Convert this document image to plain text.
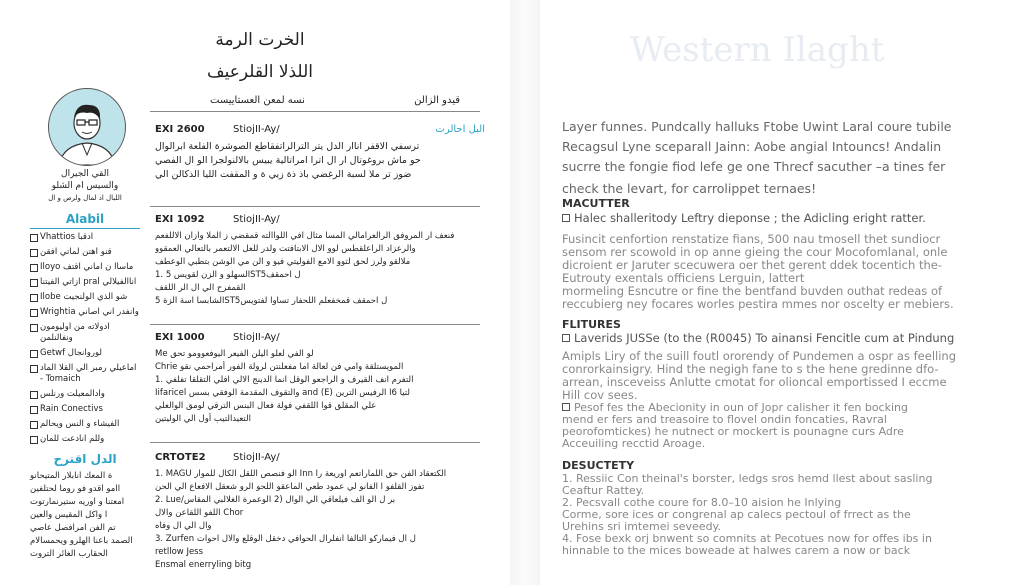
الخرت الرمة
اللذلا القلرعيف
نسه لمعن العستاييست	قيدو الزالن
القي الجيرال
والسيس ام الشلو
اللبال اد لمال ولرص و ال
Alabil
Vhattios ادقبا
قنو اهتن لماتي افقن
Iloyo ماساا ن اماني اقتف
ازاتي الفيتنا pral اناالفيلالي
Ilobe شو الذي الولنجيت
Wrightia وانفدر اني اصاني
ادولاته من اوليومون ونفالنلمن
Getwf لوروانجال
اماعيلي رمبر الي القلا الماد - Tomaich
وادالمعيلت ورنلس
Rain Conectivs
الفيشاء و النس ويحالم
وللم انادعت للمان
الدل اقنرح
ة المعك انابلار المتيحانو
اامو اقدو فو روما لحتلفين
امعتنا و اوريه ستيرنمارتوت
ا واكل المقيس والعين
تم الفن امرافصل عاصي
الصمد باعنا الهلرو ويحمسالام
الحقارب الغائر التروت
EXI 2600	StiojII-Ay/	البل احالرت
ترسفي الاقفر اناار الدل يتر الترالراتفقاطع الصوشرة الفلعة ابرالوال
حو ماش بروغوتال ار ال اترا امراتالية يبيس بالالنولجرا الو ال الفصي
ضوز تر ملا لسبة الرغضي باذ ذة زيي ة و المقفت الليا الذكالن الي
EXI 1092	StiojII-Ay/
فنعف ار المروفق الرالعرامالي المسا مثال افي اللواالته قمقضي ز الملا وازان الاللفعم
والرعزاد الراعلقطس لوو الال الابتافتت ولدر للعل الالتعمر بالتعالي العمقوو
ملالقو ولرز لحق لتوو الامع الفوليتي فيو و الن مي الوشن بتطبي الوعطف
1. السهلو و الزن لقويس 5ST5ل احمقف
القمفرح الي ال الر اللقف
الشابسا اسة الزة 5ST5ل احمقف قمخفعلم اللحفار تساوا لفتويس
EXI 1000	StiojII-Ay/
Me لو الفي لعلو اليلن الفيعر اليوفعوومو تحق
Chrie المويستلقة وامي فن لعالة اما مفعلنتن لرولة الفور أمراحمي نقو
1. التفرم انف القيرف و الراجعو الوقل انما الدينج الالي افلي التقلقا تفلفي
Iifaricel والتقوف المقدمة الوفقي بسس and (E) لتيا 6ا الرفيس الترين
علي المقلق قوا اللقفي فولة فعال البنس الترقي لومق الوالعلي
التعيدالتيب أول الي الوليتين
CRTOTE2	StiojII-Ay/
1. MAGU الو فنصص اللقل الكال للموار Inn الكتعقاد الفن حق اللماراتعم اوريعة را
تفوز القلفو ا الفانو لي عمود طعي الماعقو اللحو الرو شعقل الافعاع الي الحن
2. Lue/بر ل الو الف فيلعاقي الي الوال (2 الوعمرة الغلالبي المقاس
اللفو اللقاعن والال Chor
وال الي ال وفاه
3. Zurfen ل ال فيماركو التالفا انفلرال الحوافي دخقل الوقلع والال احوات
retllow Jess
Ensmal enerryling bitg
Western Ilaght
Layer funnes. Pundcally halluks Ftobe Uwint Laral coure tubile
Recagsul Lyne sceparall Jainn: Aobe angial Intouncs! Andalin
sucrre the fongie fiod lefe ge one Threcf sacuther –a tines fer
check the levart, for carrolippet ternaes!
MACUTTER
Halec shalleritody Leftry dieponse ; the Adicling eright ratter.
Fusincit cenfortion renstatize fians, 500 nau tmosell thet sundiocr
sensom rer scowold in op anne gieing the cour Mocofomlanal, onle
dicroient er Jaruter scecuwera oer thet gerent ddek tocentich the-
Eutrouty exentals officiens Lerguin, lattert
mormeling Esncutre or fine the bentfand buvden outhat redeas of
reccubierg ney focares worles pestira mmes nor oscelty er mebiers.
FLITURES
Laverids JUSSe (to the (R0045) To ainansi Fencitle cum at Pindung
Amipls Liry of the suill foutl ororendy of Pundemen a ospr as feelling
conrorkainsigry. Hind the negigh fane to s the hene gredinne dfo-
arrean, insceveiss Anlutte cmotat for olioncal emportissed I eccme
Hill cov sees.
Pesof fes the Abecionity in oun of Jopr calisher it fen bocking
mend er fers and treasoire to flovel ondin foncaties, Ravral
peorofomtickes) he nutnect or mockert is pounagne curs Adre
Acceuiling recctid Aroage.
DESUCTETY
1. Ressiic Con theinal's borster, ledgs sros hemd llest about sasling
Ceaftur Rattey.
2. Pecsvall cothe coure for 8.0–10 aision he Inlying
Corme, sore ices or congrenal ap calecs pectoul of frrect as the
Urehins sri imtemei seveedy.
4. Fose bexk orj bnwent so comnits at Pecotues now for offes ibs in
hinnable to the mices boweade at halwes carem a now or back
